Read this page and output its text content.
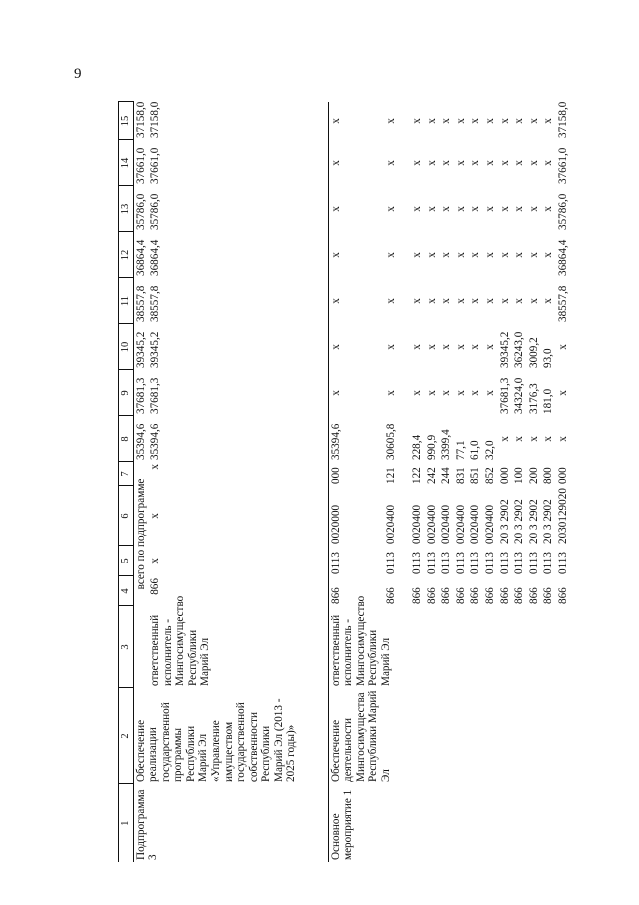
9
1	2	3	4	5	6	7	8	9	10	11	12	13	14	15
Подпрограмма 3	Обеспечение реализации государственной программы Республики Марий Эл «Управление имуществом государственной собственности Республики Марий Эл (2013 - 2025 годы)»		всего по подпрограмме				35394,6	37681,3	39345,2	38557,8	36864,4	35786,0	37661,0	37158,0
		ответственный исполнитель - Мингосимущество Республики Марий Эл	866	x	x	x	35394,6	37681,3	39345,2	38557,8	36864,4	35786,0	37661,0	37158,0
Основное мероприятие 1	Обеспечение деятельности Мингосимущества Республики Марий Эл	ответственный исполнитель - Мингосимущество Республики Марий Эл	866	0113	0020000	000	35394,6	x	x	x	x	x	x	x
			866	0113	0020400	121	30605,8	x	x	x	x	x	x	x
			866	0113	0020400	122	228,4	x	x	x	x	x	x	x
			866	0113	0020400	242	990,9	x	x	x	x	x	x	x
			866	0113	0020400	244	3399,4	x	x	x	x	x	x	x
			866	0113	0020400	831	77,1	x	x	x	x	x	x	x
			866	0113	0020400	851	61,0	x	x	x	x	x	x	x
			866	0113	0020400	852	32,0	x	x	x	x	x	x	x
			866	0113	20 3 2902	000	x	37681,3	39345,2	x	x	x	x	x
			866	0113	20 3 2902	100	x	34324,0	36243,0	x	x	x	x	x
			866	0113	20 3 2902	200	x	3176,3	3009,2	x	x	x	x	x
			866	0113	20 3 2902	800	x	181,0	93,0	x	x	x	x	x
			866	0113	2030129020	000	x	x	x	38557,8	36864,4	35786,0	37661,0	37158,0
